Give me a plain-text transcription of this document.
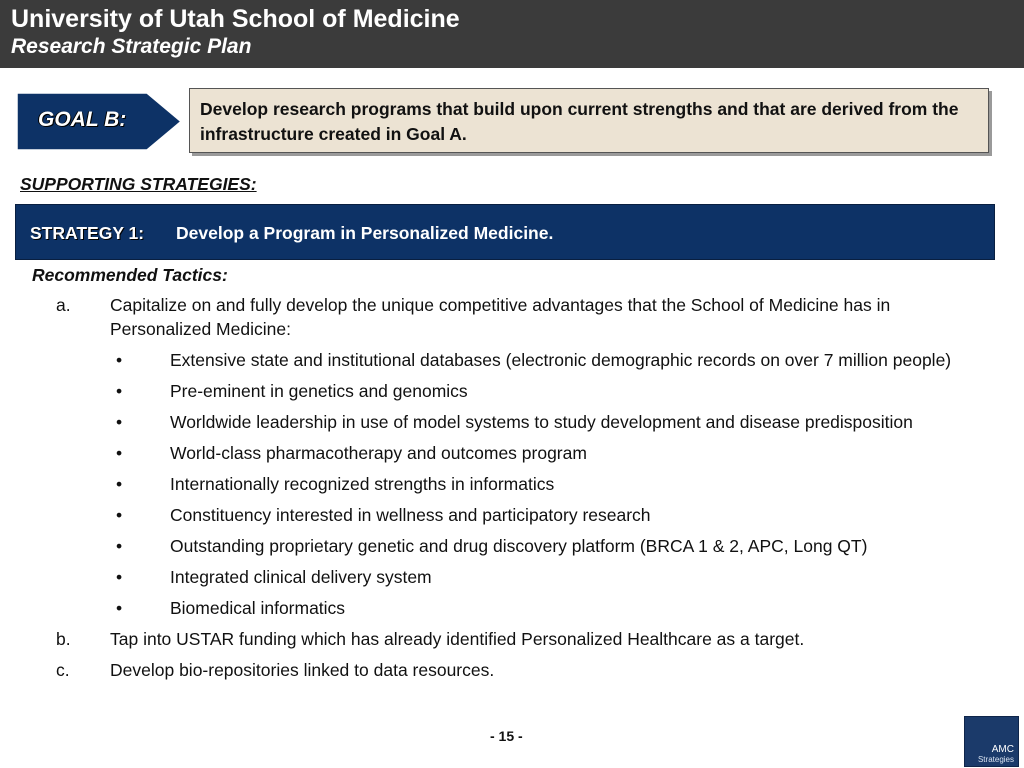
University of Utah School of Medicine
Research Strategic Plan
GOAL B:	Develop research programs that build upon current strengths and that are derived from the infrastructure created in Goal A.
SUPPORTING STRATEGIES:
STRATEGY 1: Develop a Program in Personalized Medicine.
Recommended Tactics:
a. Capitalize on and fully develop the unique competitive advantages that the School of Medicine has in Personalized Medicine:
•	Extensive state and institutional databases (electronic demographic records on over 7 million people)
•	Pre-eminent in genetics and genomics
•	Worldwide leadership in use of model systems to study development and disease predisposition
•	World-class pharmacotherapy and outcomes program
•	Internationally recognized strengths in informatics
•	Constituency interested in wellness and participatory research
•	Outstanding proprietary genetic and drug discovery platform (BRCA 1 & 2, APC, Long QT)
•	Integrated clinical delivery system
•	Biomedical informatics
b. Tap into USTAR funding which has already identified Personalized Healthcare as a target.
c. Develop bio-repositories linked to data resources.
- 15 -
AMC
Strategies
